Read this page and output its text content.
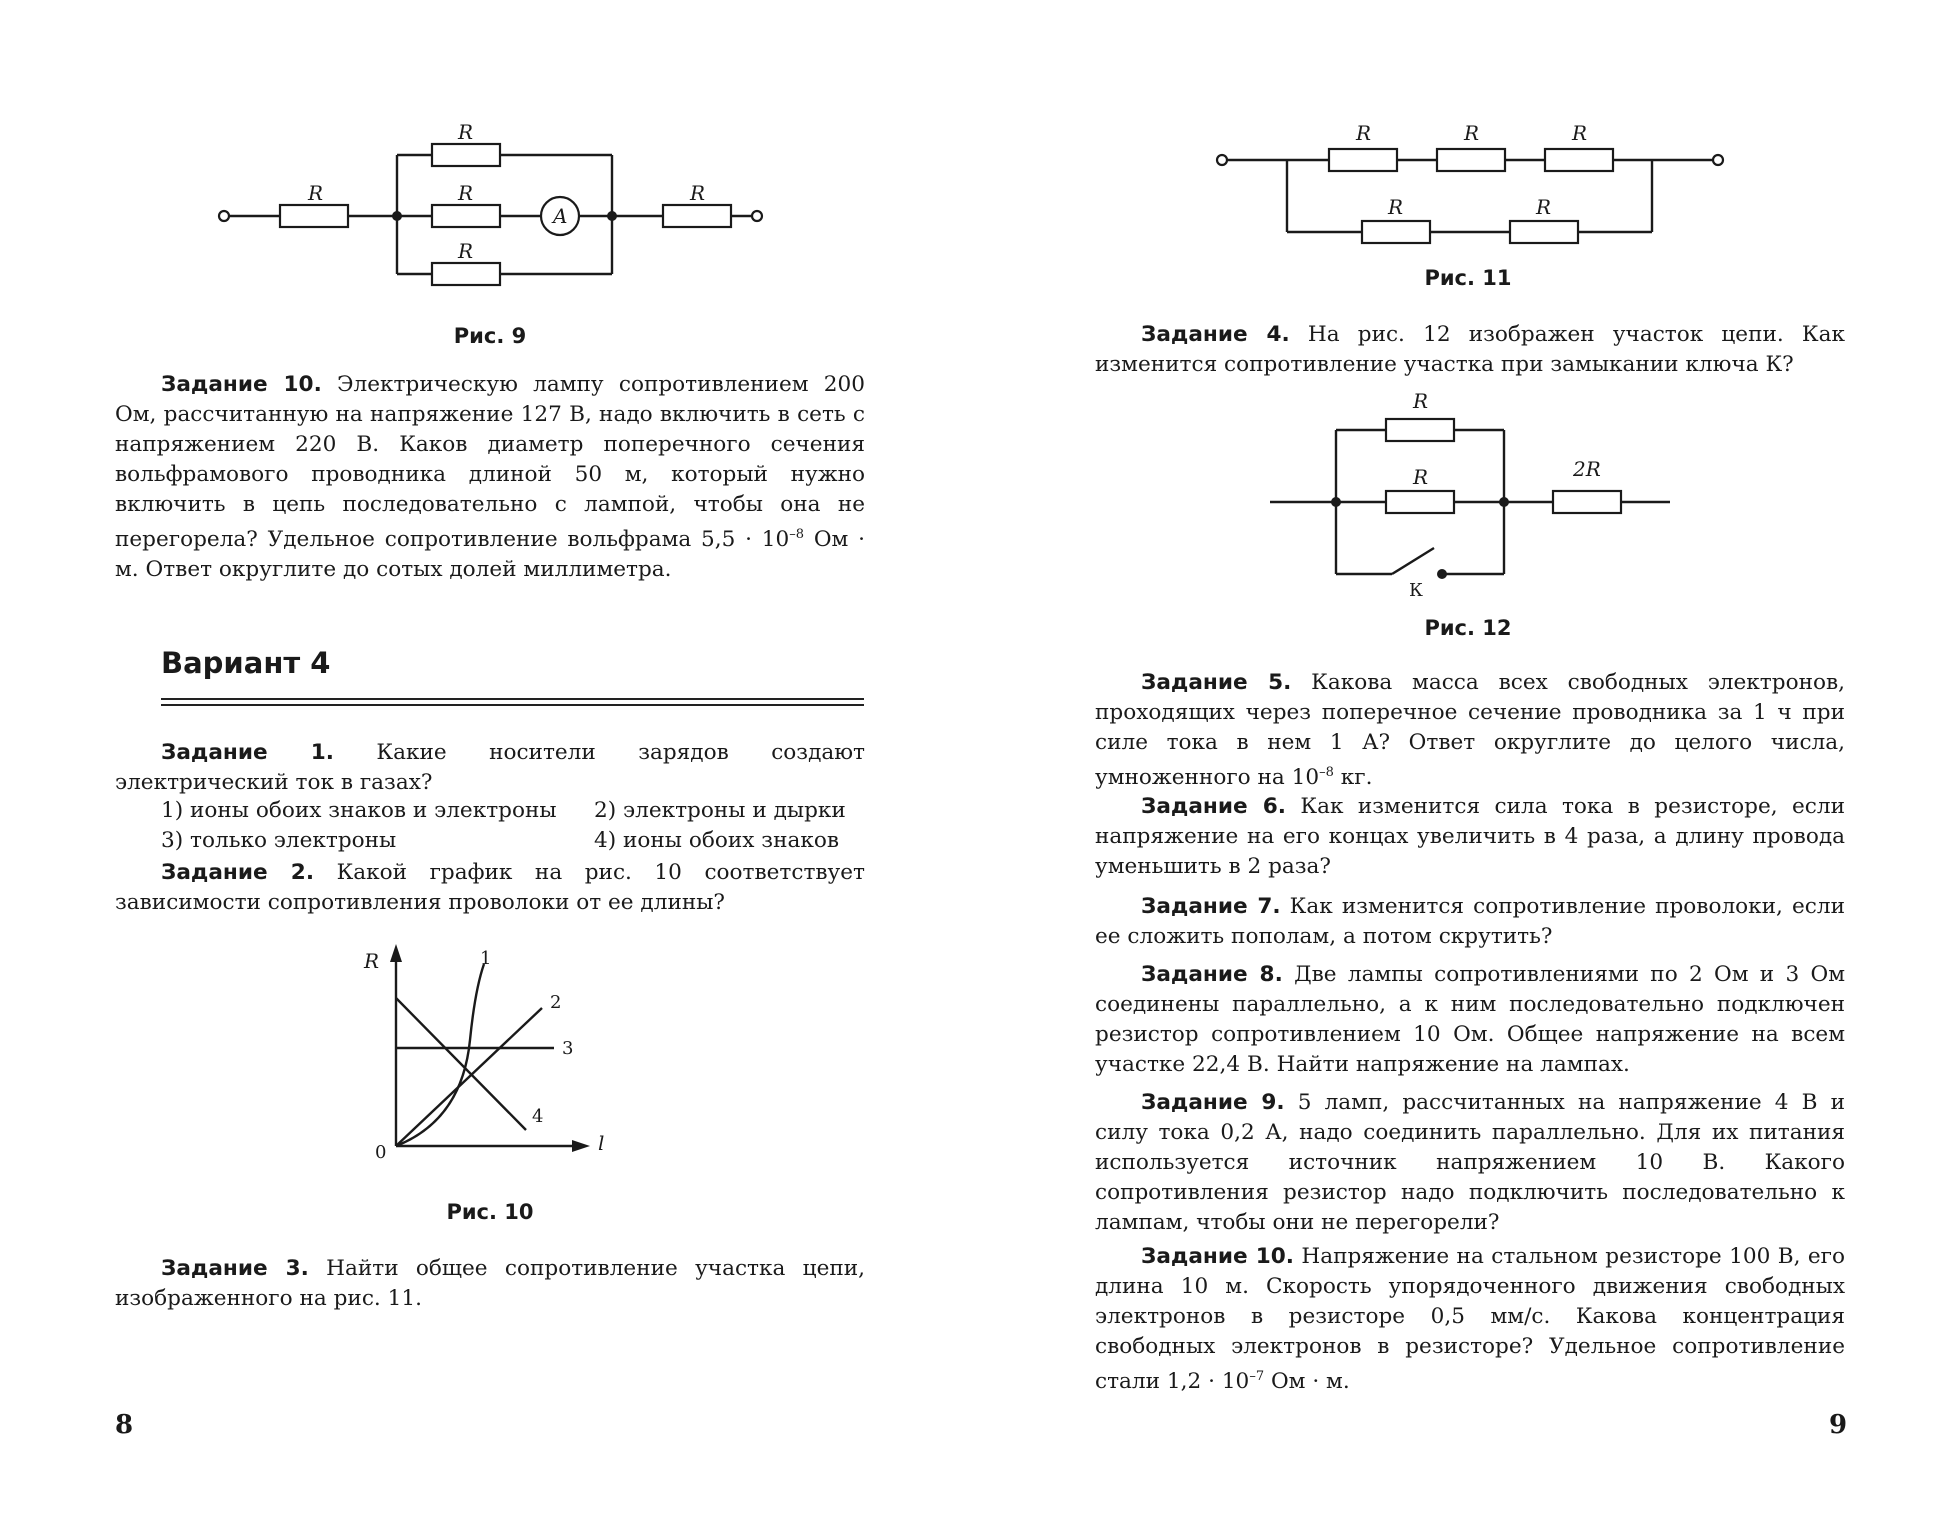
R
R
R
R
R
A
Рис. 9

Задание 10. Электрическую лампу сопротивлением 200 Ом, рассчитанную на напряжение 127 В, надо включить в сеть с напряжением 220 В. Каков диаметр поперечного сечения вольфрамового проводника длиной 50 м, который нужно включить в цепь последовательно с лампой, чтобы она не перегорела? Удельное сопротивление вольфрама $5,5 \cdot 10^{-8}$ Ом · м. Ответ округлите до сотых долей миллиметра.

Вариант 4

Задание 1. Какие носители зарядов создают электрический ток в газах?

1) ионы обоих знаков и электроны 2) электроны и дырки
3) только электроны	4) ионы обоих знаков

Задание 2. Какой график на рис. 10 соответствует зависимости сопротивления проволоки от ее длины?

R
l
0
1
2
3
4
Рис. 10

Задание 3. Найти общее сопротивление участка цепи, изображенного на рис. 11.

8
R	R	R
R	R
Рис. 11

Задание 4. На рис. 12 изображен участок цепи. Как изменится сопротивление участка при замыкании ключа К?

R
R	2R
К
Рис. 12

Задание 5. Какова масса всех свободных электронов, проходящих через поперечное сечение проводника за 1 ч при силе тока в нем 1 А? Ответ округлите до целого числа, умноженного на $10^{-8}$ кг.

Задание 6. Как изменится сила тока в резисторе, если напряжение на его концах увеличить в 4 раза, а длину провода уменьшить в 2 раза?

Задание 7. Как изменится сопротивление проволоки, если ее сложить пополам, а потом скрутить?

Задание 8. Две лампы сопротивлениями по 2 Ом и 3 Ом соединены параллельно, а к ним последовательно подключен резистор сопротивлением 10 Ом. Общее напряжение на всем участке 22,4 В. Найти напряжение на лампах.

Задание 9. 5 ламп, рассчитанных на напряжение 4 В и силу тока 0,2 А, надо соединить параллельно. Для их питания используется источник напряжением 10 В. Какого сопротивления резистор надо подключить последовательно к лампам, чтобы они не перегорели?

Задание 10. Напряжение на стальном резисторе 100 В, его длина 10 м. Скорость упорядоченного движения свободных электронов в резисторе 0,5 мм/с. Какова концентрация свободных электронов в резисторе? Удельное сопротивление стали $1,2 \cdot 10^{-7}$ Ом · м.

9
